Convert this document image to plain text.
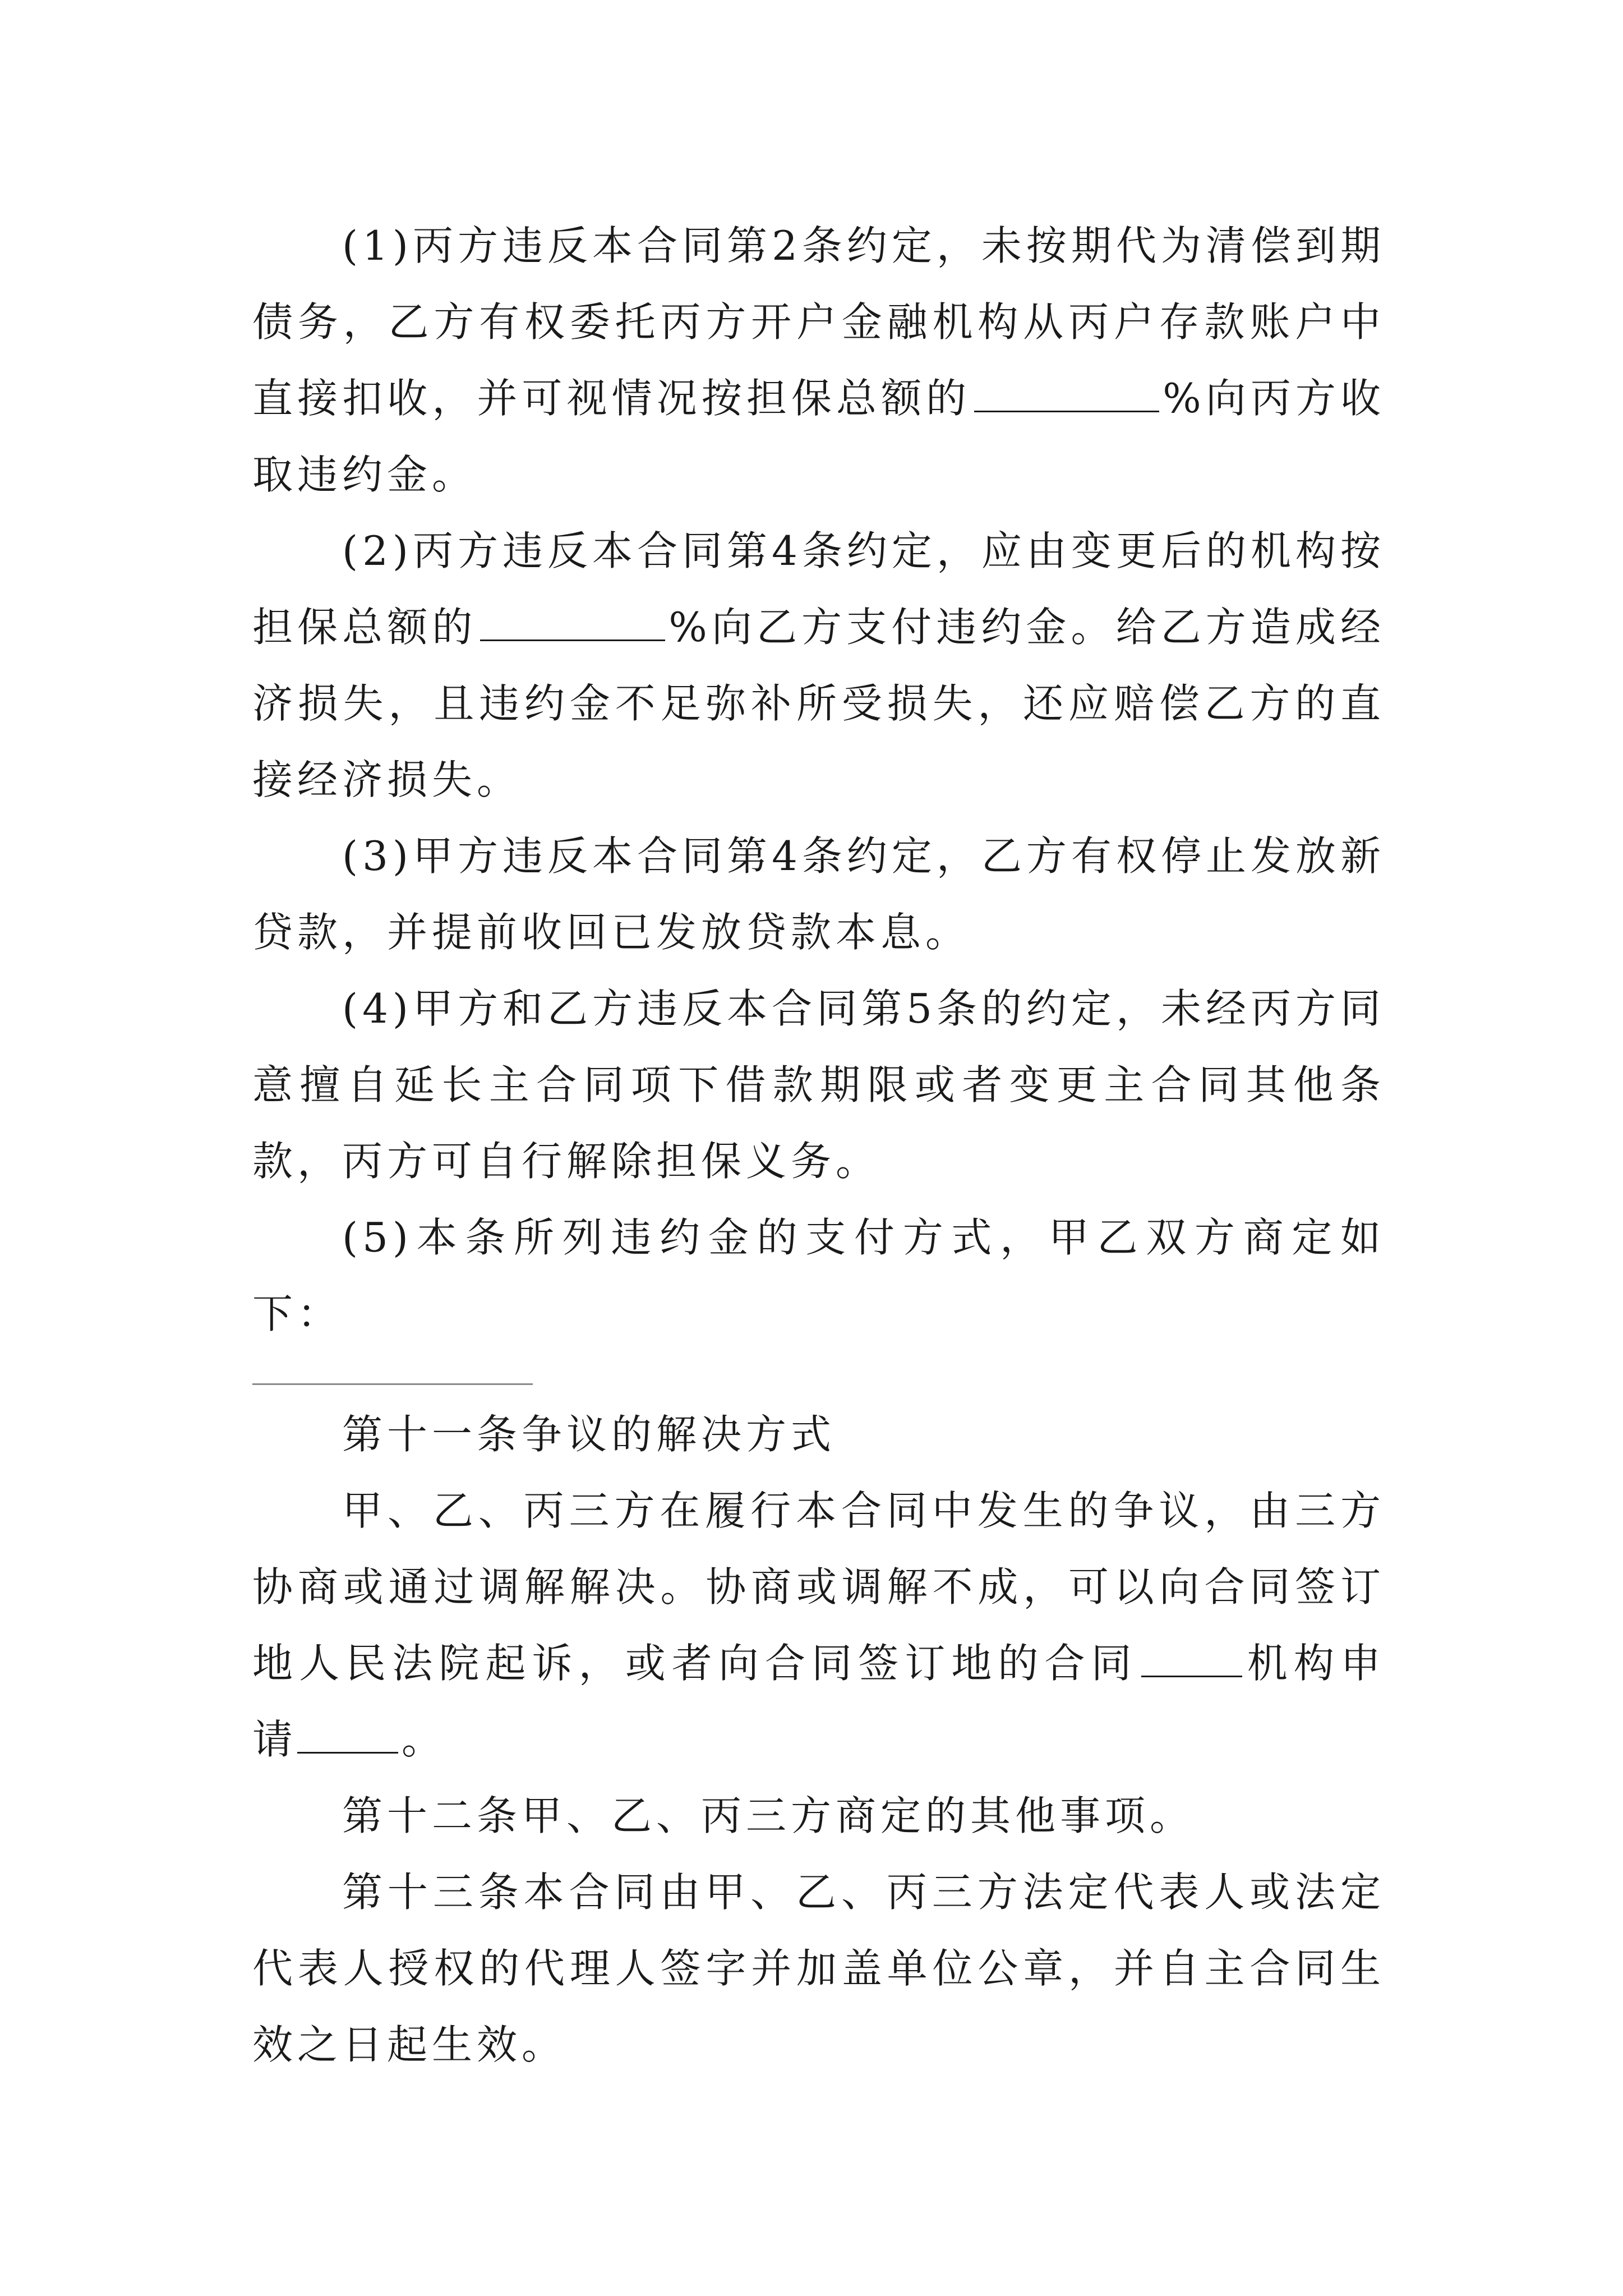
(1)丙方违反本合同第2条约定，未按期代为清偿到期债务，乙方有权委托丙方开户金融机构从丙户存款账户中直接扣收，并可视情况按担保总额的	%向丙方收取违约金。

(2)丙方违反本合同第4条约定，应由变更后的机构按担保总额的	%向乙方支付违约金。给乙方造成经济损失，且违约金不足弥补所受损失，还应赔偿乙方的直接经济损失。

(3)甲方违反本合同第4条约定，乙方有权停止发放新贷款，并提前收回已发放贷款本息。

(4)甲方和乙方违反本合同第5条的约定，未经丙方同意擅自延长主合同项下借款期限或者变更主合同其他条款，丙方可自行解除担保义务。

(5)本条所列违约金的支付方式，甲乙双方商定如下：

第十一条争议的解决方式

甲、乙、丙三方在履行本合同中发生的争议，由三方协商或通过调解解决。协商或调解不成，可以向合同签订地人民法院起诉，或者向合同签订地的合同	机构申请	。

第十二条甲、乙、丙三方商定的其他事项。

第十三条本合同由甲、乙、丙三方法定代表人或法定代表人授权的代理人签字并加盖单位公章，并自主合同生效之日起生效。
